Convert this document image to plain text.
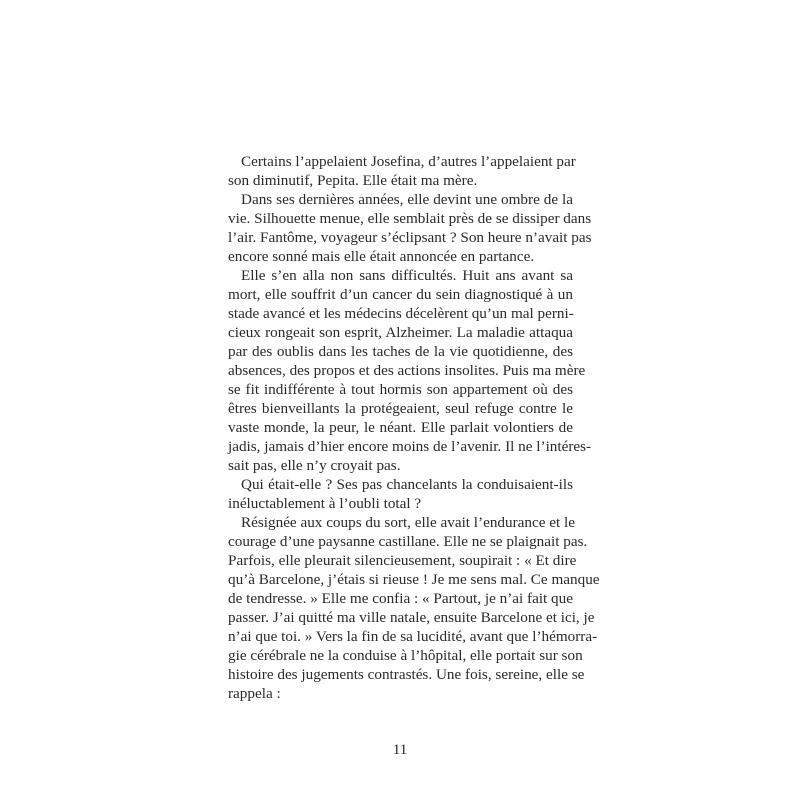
Certains l’appelaient Josefina, d’autres l’appelaient par
son diminutif, Pepita. Elle était ma mère.
Dans ses dernières années, elle devint une ombre de la
vie. Silhouette menue, elle semblait près de se dissiper dans
l’air. Fantôme, voyageur s’éclipsant ? Son heure n’avait pas
encore sonné mais elle était annoncée en partance.
Elle s’en alla non sans difficultés. Huit ans avant sa
mort, elle souffrit d’un cancer du sein diagnostiqué à un
stade avancé et les médecins décelèrent qu’un mal perni-
cieux rongeait son esprit, Alzheimer. La maladie attaqua
par des oublis dans les taches de la vie quotidienne, des
absences, des propos et des actions insolites. Puis ma mère
se fit indifférente à tout hormis son appartement où des
êtres bienveillants la protégeaient, seul refuge contre le
vaste monde, la peur, le néant. Elle parlait volontiers de
jadis, jamais d’hier encore moins de l’avenir. Il ne l’intéres-
sait pas, elle n’y croyait pas.
Qui était-elle ? Ses pas chancelants la conduisaient-ils
inéluctablement à l’oubli total ?
Résignée aux coups du sort, elle avait l’endurance et le
courage d’une paysanne castillane. Elle ne se plaignait pas.
Parfois, elle pleurait silencieusement, soupirait : « Et dire
qu’à Barcelone, j’étais si rieuse ! Je me sens mal. Ce manque
de tendresse. » Elle me confia : « Partout, je n’ai fait que
passer. J’ai quitté ma ville natale, ensuite Barcelone et ici, je
n’ai que toi. » Vers la fin de sa lucidité, avant que l’hémorra-
gie cérébrale ne la conduise à l’hôpital, elle portait sur son
histoire des jugements contrastés. Une fois, sereine, elle se
rappela :
11
